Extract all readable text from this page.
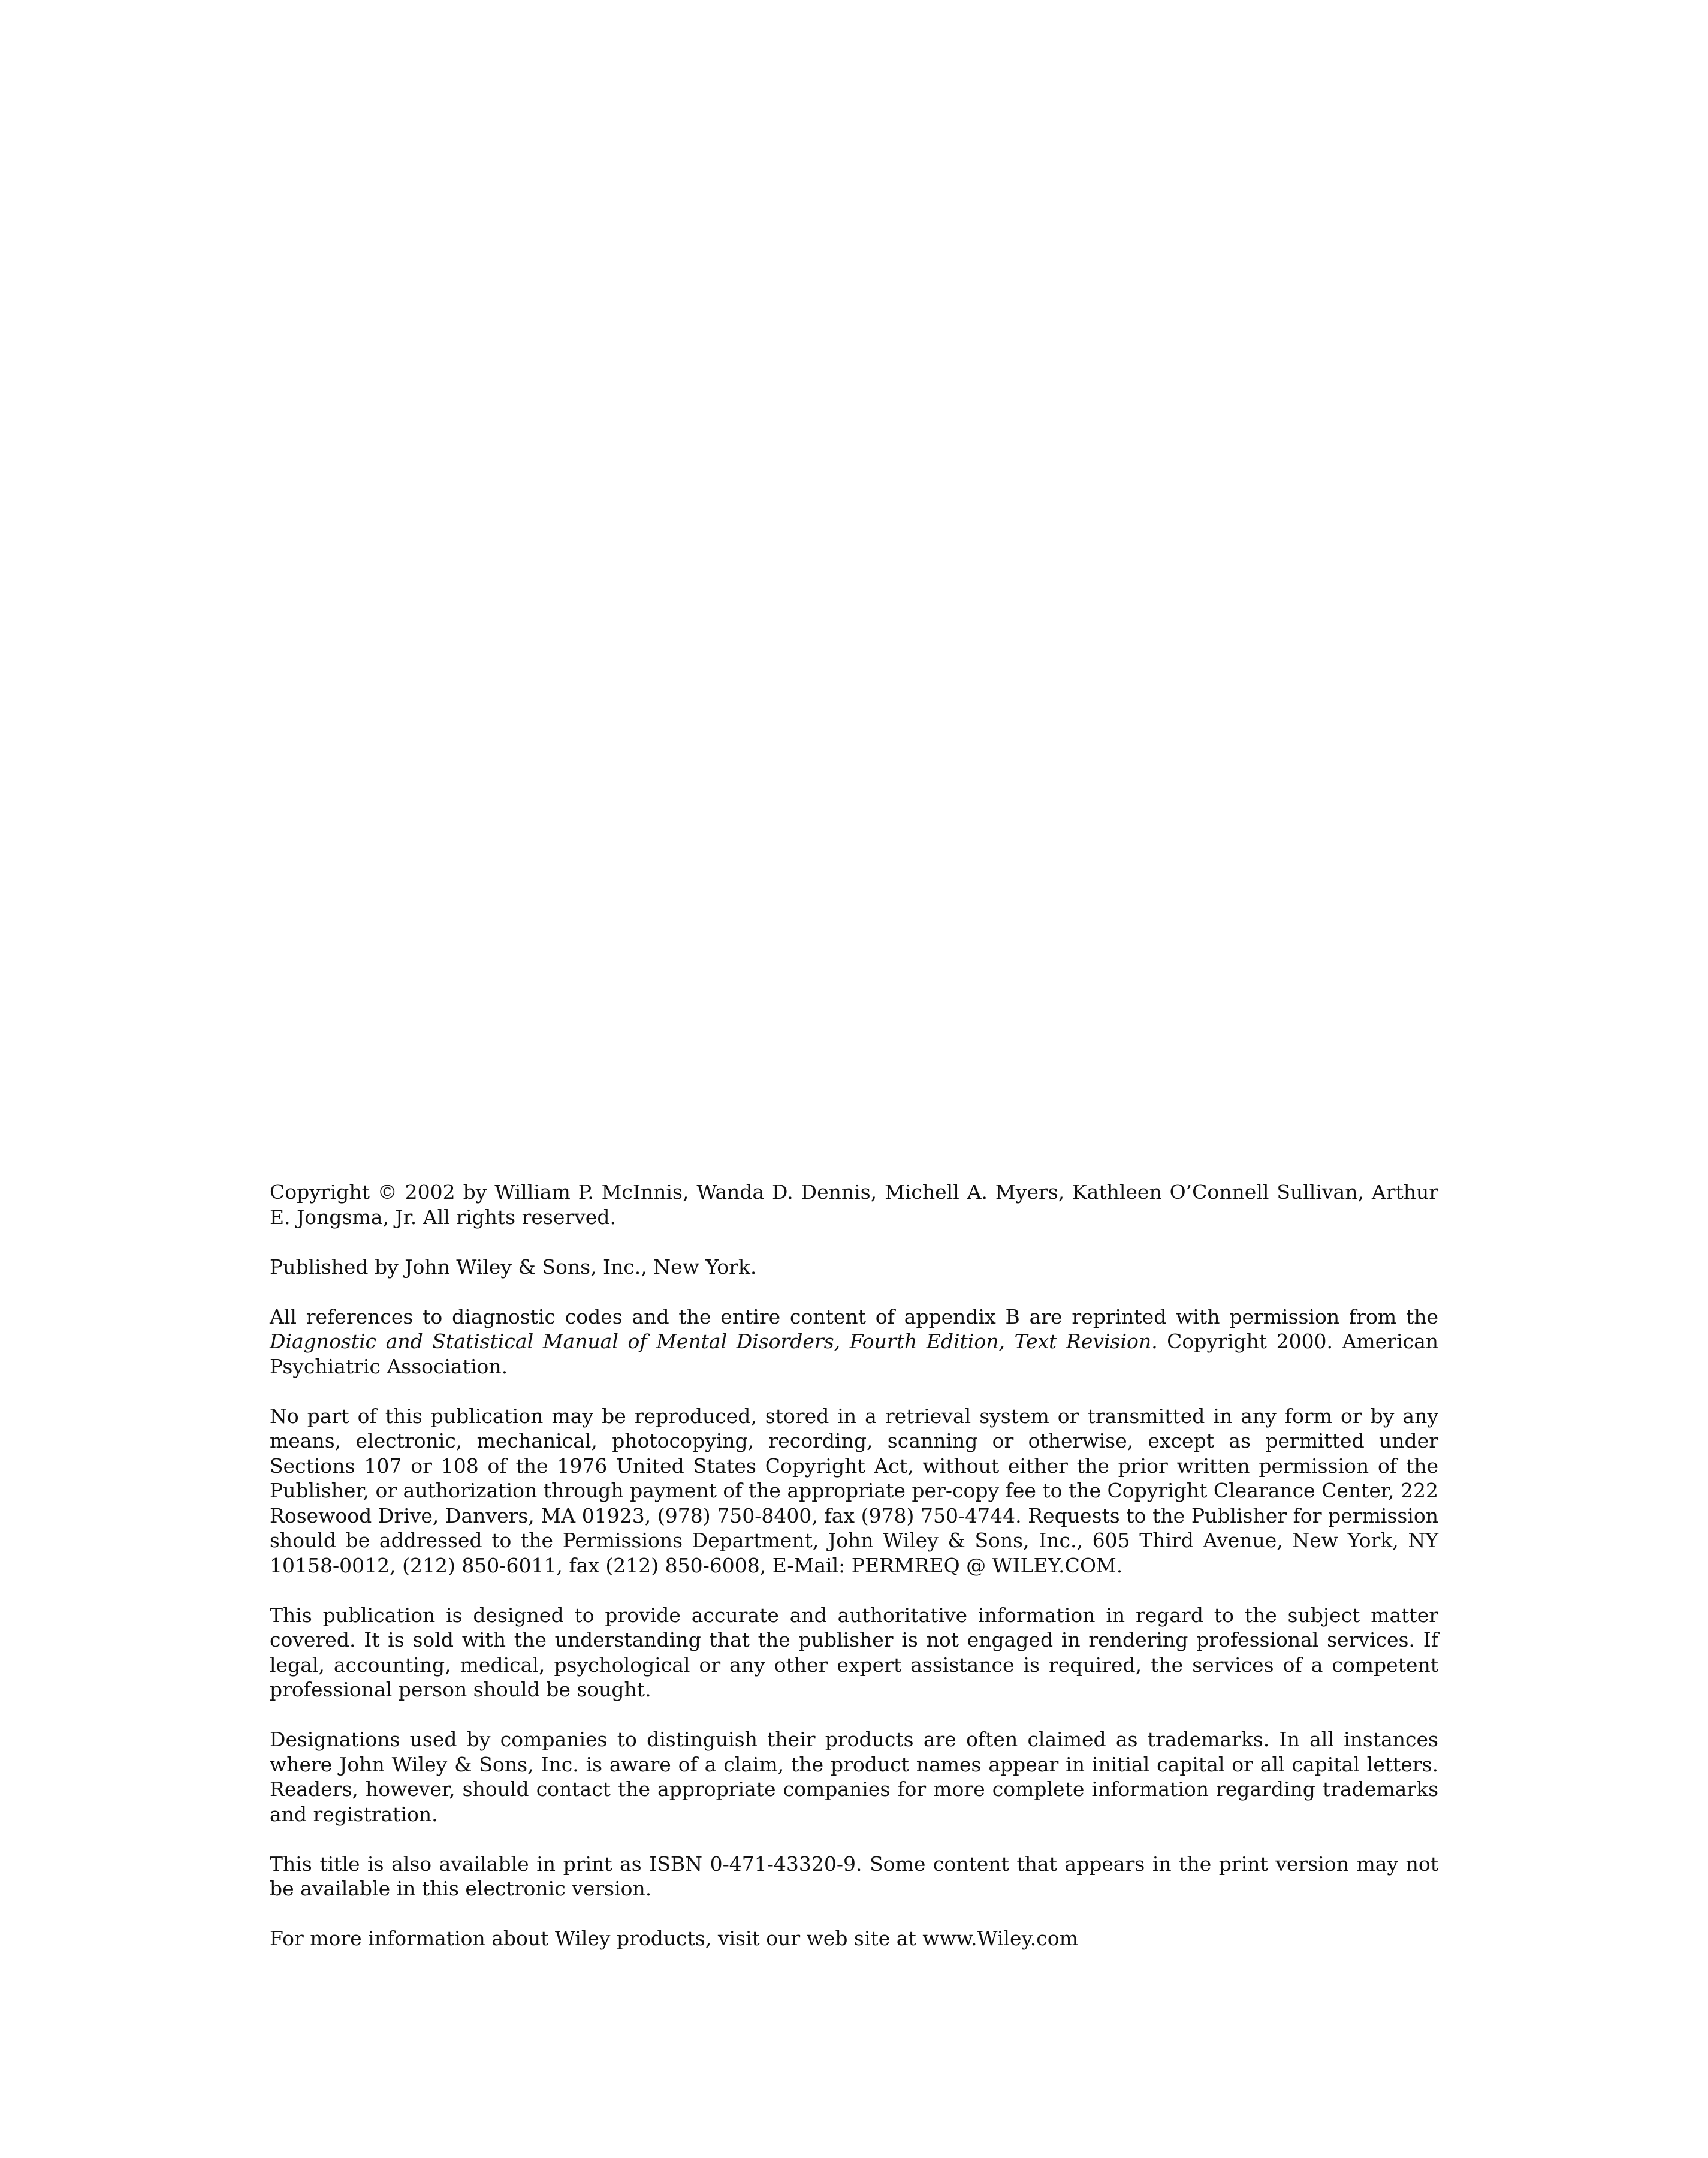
Copyright © 2002 by William P. McInnis, Wanda D. Dennis, Michell A. Myers, Kathleen O’Connell Sullivan, Arthur E. Jongsma, Jr. All rights reserved.

Published by John Wiley & Sons, Inc., New York.

All references to diagnostic codes and the entire content of appendix B are reprinted with permission from the Diagnostic and Statistical Manual of Mental Disorders, Fourth Edition, Text Revision. Copyright 2000. American Psychiatric Association.

No part of this publication may be reproduced, stored in a retrieval system or transmitted in any form or by any means, electronic, mechanical, photocopying, recording, scanning or otherwise, except as permitted under Sections 107 or 108 of the 1976 United States Copyright Act, without either the prior written permission of the Publisher, or authorization through payment of the appropriate per-copy fee to the Copyright Clearance Center, 222 Rosewood Drive, Danvers, MA 01923, (978) 750-8400, fax (978) 750-4744. Requests to the Publisher for permission should be addressed to the Permissions Department, John Wiley & Sons, Inc., 605 Third Avenue, New York, NY 10158-0012, (212) 850-6011, fax (212) 850-6008, E-Mail: PERMREQ @ WILEY.COM.

This publication is designed to provide accurate and authoritative information in regard to the subject matter covered. It is sold with the understanding that the publisher is not engaged in rendering professional services. If legal, accounting, medical, psychological or any other expert assistance is required, the services of a competent professional person should be sought.

Designations used by companies to distinguish their products are often claimed as trademarks. In all instances where John Wiley & Sons, Inc. is aware of a claim, the product names appear in initial capital or all capital letters. Readers, however, should contact the appropriate companies for more complete information regarding trademarks and registration.

This title is also available in print as ISBN 0-471-43320-9. Some content that appears in the print version may not be available in this electronic version.

For more information about Wiley products, visit our web site at www.Wiley.com
